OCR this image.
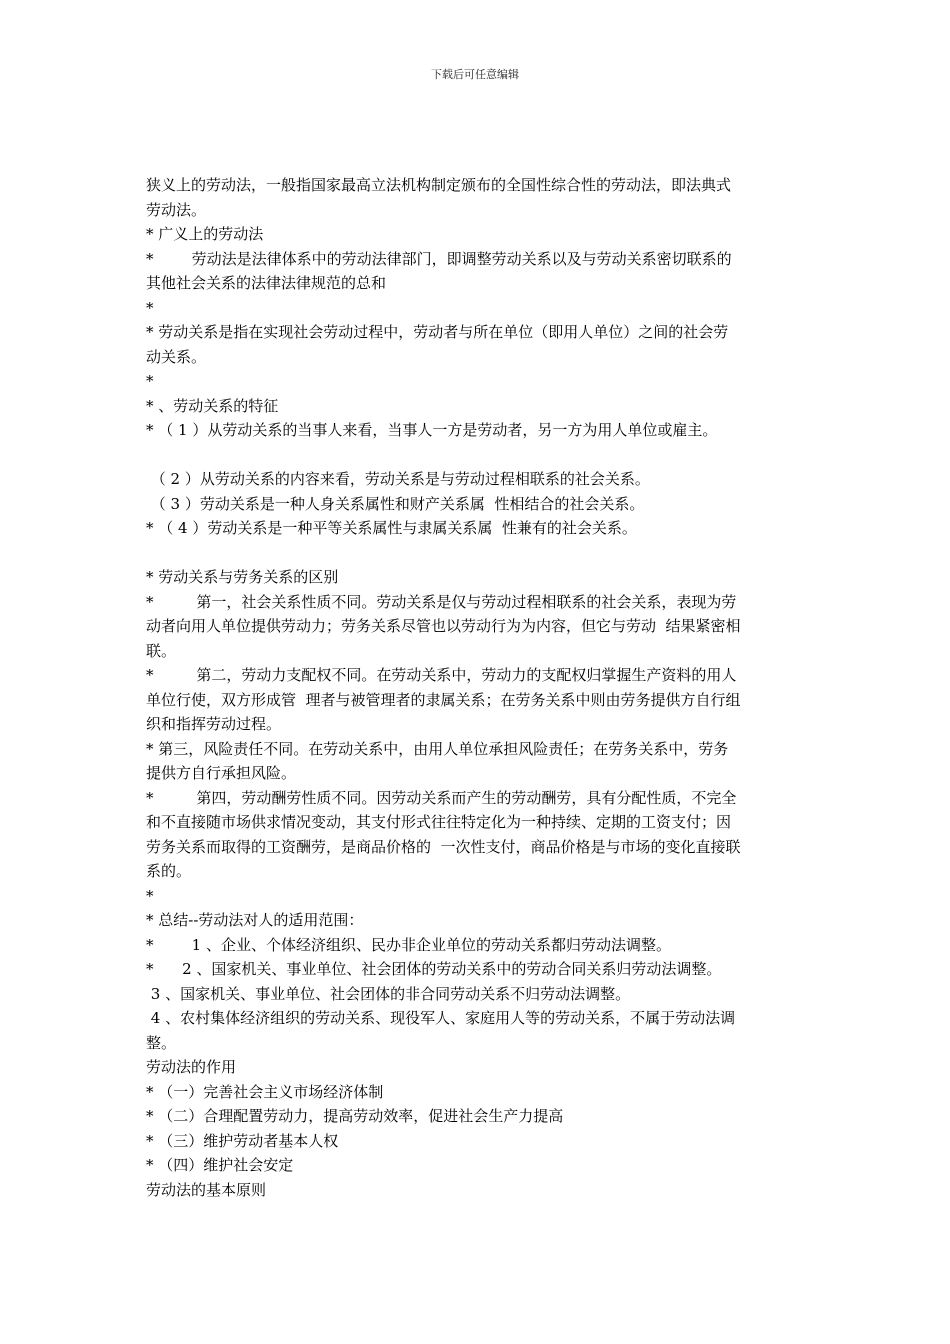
下载后可任意编辑
狭义上的劳动法，一般指国家最高立法机构制定颁布的全国性综合性的劳动法，即法典式
劳动法。
* 广义上的劳动法
*        劳动法是法律体系中的劳动法律部门，即调整劳动关系以及与劳动关系密切联系的
其他社会关系的法律法律规范的总和
*
* 劳动关系是指在实现社会劳动过程中，劳动者与所在单位（即用人单位）之间的社会劳
动关系。
*
* 、劳动关系的特征
* （ 1 ）从劳动关系的当事人来看，当事人一方是劳动者，另一方为用人单位或雇主。
（ 2 ）从劳动关系的内容来看，劳动关系是与劳动过程相联系的社会关系。
（ 3 ）劳动关系是一种人身关系属性和财产关系属  性相结合的社会关系。
* （ 4 ）劳动关系是一种平等关系属性与隶属关系属  性兼有的社会关系。
* 劳动关系与劳务关系的区别
*         第一，社会关系性质不同。劳动关系是仅与劳动过程相联系的社会关系，表现为劳
动者向用人单位提供劳动力；劳务关系尽管也以劳动行为为内容，但它与劳动  结果紧密相
联。
*         第二，劳动力支配权不同。在劳动关系中，劳动力的支配权归掌握生产资料的用人
单位行使，双方形成管  理者与被管理者的隶属关系；在劳务关系中则由劳务提供方自行组
织和指挥劳动过程。
* 第三，风险责任不同。在劳动关系中，由用人单位承担风险责任；在劳务关系中，劳务
提供方自行承担风险。
*         第四，劳动酬劳性质不同。因劳动关系而产生的劳动酬劳，具有分配性质，不完全
和不直接随市场供求情况变动，其支付形式往往特定化为一种持续、定期的工资支付；因
劳务关系而取得的工资酬劳，是商品价格的  一次性支付，商品价格是与市场的变化直接联
系的。
*
* 总结--劳动法对人的适用范围：
*        1 、企业、个体经济组织、民办非企业单位的劳动关系都归劳动法调整。
*      2 、国家机关、事业单位、社会团体的劳动关系中的劳动合同关系归劳动法调整。
3 、国家机关、事业单位、社会团体的非合同劳动关系不归劳动法调整。
4 、农村集体经济组织的劳动关系、现役军人、家庭用人等的劳动关系，不属于劳动法调
整。
劳动法的作用
* （一）完善社会主义市场经济体制
* （二）合理配置劳动力，提高劳动效率，促进社会生产力提高
* （三）维护劳动者基本人权
* （四）维护社会安定
劳动法的基本原则
